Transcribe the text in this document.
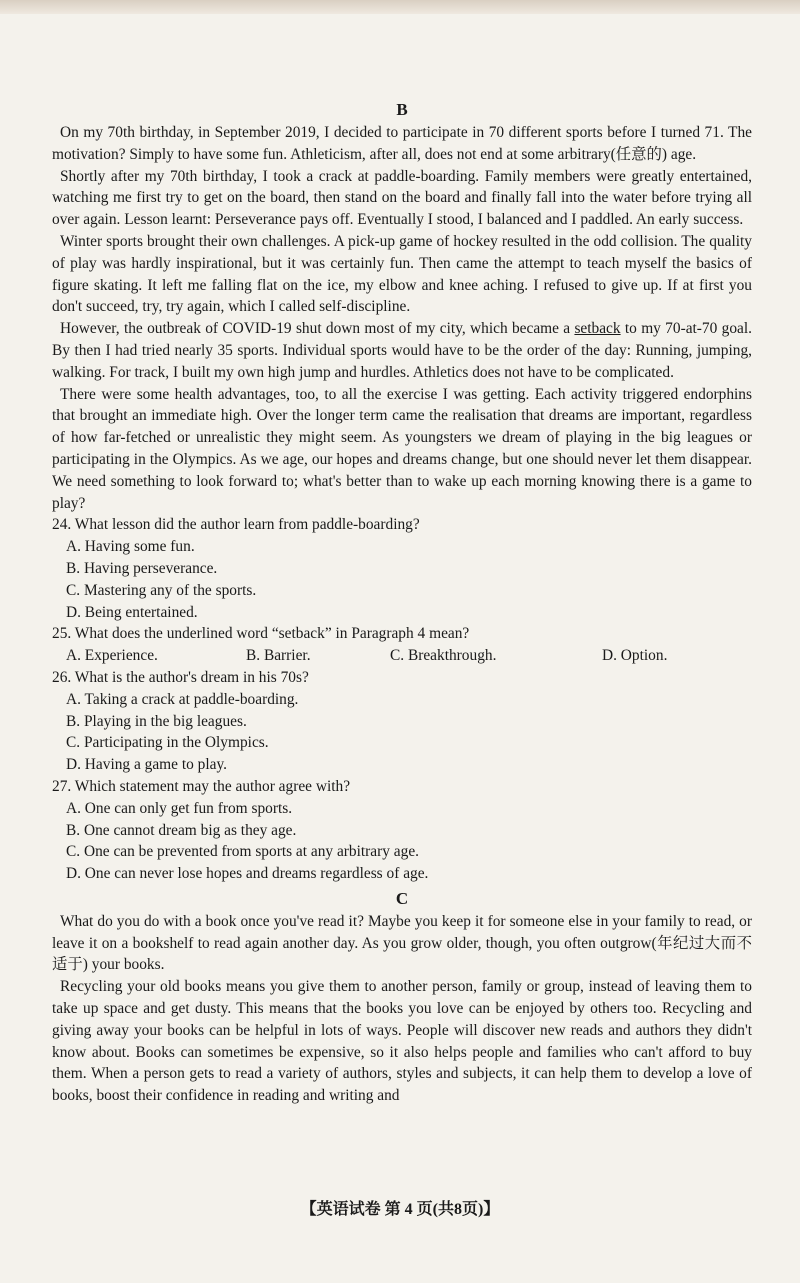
B

On my 70th birthday, in September 2019, I decided to participate in 70 different sports before I turned 71. The motivation? Simply to have some fun. Athleticism, after all, does not end at some arbitrary(任意的) age.

Shortly after my 70th birthday, I took a crack at paddle-boarding. Family members were greatly entertained, watching me first try to get on the board, then stand on the board and finally fall into the water before trying all over again. Lesson learnt: Perseverance pays off. Eventually I stood, I balanced and I paddled. An early success.

Winter sports brought their own challenges. A pick-up game of hockey resulted in the odd collision. The quality of play was hardly inspirational, but it was certainly fun. Then came the attempt to teach myself the basics of figure skating. It left me falling flat on the ice, my elbow and knee aching. I refused to give up. If at first you don't succeed, try, try again, which I called self-discipline.

However, the outbreak of COVID-19 shut down most of my city, which became a setback to my 70-at-70 goal. By then I had tried nearly 35 sports. Individual sports would have to be the order of the day: Running, jumping, walking. For track, I built my own high jump and hurdles. Athletics does not have to be complicated.

There were some health advantages, too, to all the exercise I was getting. Each activity triggered endorphins that brought an immediate high. Over the longer term came the realisation that dreams are important, regardless of how far-fetched or unrealistic they might seem. As youngsters we dream of playing in the big leagues or participating in the Olympics. As we age, our hopes and dreams change, but one should never let them disappear. We need something to look forward to; what's better than to wake up each morning knowing there is a game to play?

24. What lesson did the author learn from paddle-boarding?

A. Having some fun.

B. Having perseverance.

C. Mastering any of the sports.

D. Being entertained.

25. What does the underlined word “setback” in Paragraph 4 mean?

A. Experience.	B. Barrier.	C. Breakthrough.	D. Option.

26. What is the author's dream in his 70s?

A. Taking a crack at paddle-boarding.

B. Playing in the big leagues.

C. Participating in the Olympics.

D. Having a game to play.

27. Which statement may the author agree with?

A. One can only get fun from sports.

B. One cannot dream big as they age.

C. One can be prevented from sports at any arbitrary age.

D. One can never lose hopes and dreams regardless of age.

C

What do you do with a book once you've read it? Maybe you keep it for someone else in your family to read, or leave it on a bookshelf to read again another day. As you grow older, though, you often outgrow(年纪过大而不适于) your books.

Recycling your old books means you give them to another person, family or group, instead of leaving them to take up space and get dusty. This means that the books you love can be enjoyed by others too. Recycling and giving away your books can be helpful in lots of ways. People will discover new reads and authors they didn't know about. Books can sometimes be expensive, so it also helps people and families who can't afford to buy them. When a person gets to read a variety of authors, styles and subjects, it can help them to develop a love of books, boost their confidence in reading and writing and

【英语试卷 第 4 页(共8页)】
